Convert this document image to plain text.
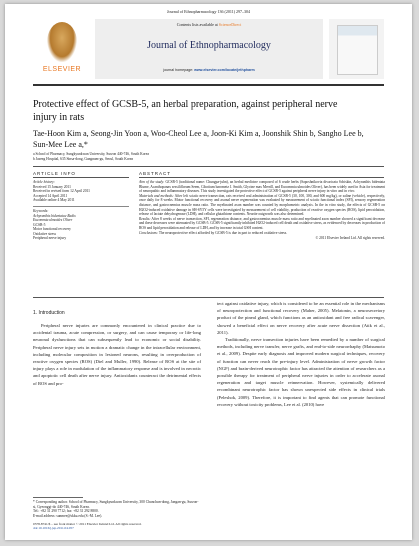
Journal of Ethnopharmacology 136 (2011) 297–304
ELSEVIER
Contents lists available at ScienceDirect
Journal of Ethnopharmacology
journal homepage: www.elsevier.com/locate/jethpharm
Protective effect of GCSB-5, an herbal preparation, against peripheral nerve injury in rats
Tae-Hoon Kim a, Seong-Jin Yoon a, Woo-Cheol Lee a, Joon-Ki Kim a, Joonshik Shin b, Sangho Lee b, Sun-Mee Lee a,*
a School of Pharmacy, Sungkyunkwan University, Suwon 440-746, South Korea
b Jaseng Hospital, 635 Sinsa-dong, Gangnam-gu, Seoul, South Korea
ARTICLE INFO	ABSTRACT
Article history:
Received 15 January 2011
Received in revised form 12 April 2011
Accepted 14 April 2011
Available online 4 May 2011
Keywords:
Achyranthis bidentatae Radix
Eucommia ulmoides Oliver
GCSB-5
Motor functional recovery
Oxidative stress
Peripheral nerve injury

Aim of the study: GCSB-5 (traditional name: Chungpa-juhn), an herbal medicine composed of 6 crude herbs (Saposhnikovia divaricata Schiskin, Achyranthis bidentata Blume, Acanthopanax sessiliflorum Seem, Cibotium barometz J. Smith, Glycine max Merrill, and Eucommia ulmoides Oliver), has been widely used in Asia for treatment of neuropathic and inflammatory diseases. This study investigated the protective effect of GCSB-5 against peripheral nerve injury in vitro and in vivo.

Materials and methods: After left sciatic nerve transection, rats received oral administration of GCSB-5 (30, 100, 300, and 600 mg/kg), or saline (vehicle), respectively, once daily for 8 weeks. Motor functional recovery and axonal nerve regeneration was evaluated by measurement of sciatic functional index (SFI), sensory regeneration distance, and gastrocnemius muscle mass ratio. The myelinated axon number was counted by morphometric analysis. In the in vitro study, the effects of GCSB-5 on H2O2-induced oxidative damage in SH-SY5Y cells were investigated by measurement of cell viability, production of reactive oxygen species (ROS), lipid peroxidation, release of lactate dehydrogenase (LDH), and cellular glutathione contents. Neurite outgrowth was also determined.

Results: After 8 weeks of nerve transection, SFI, regeneration distance, and gastrocnemius muscle mass ratio and myelinated axon number showed a significant decrease and these decreases were attenuated by GCSB-5. GCSB-5 significantly inhibited H2O2-induced cell death and oxidative stress, as evidenced by decreases in production of ROS and lipid peroxidation and release of LDH, and by increase in total GSH content.

Conclusions: The neuroprotective effect afforded by GCSB-5 is due in part to reduced oxidative stress.

© 2011 Elsevier Ireland Ltd. All rights reserved.

1. Introduction

Peripheral nerve injuries are commonly encountered in clinical practice due to accidental trauma, acute compression, or surgery, and can cause temporary or life-long neuronal dysfunctions that can subsequently lead to economic or social disability. Peripheral nerve injury sets in motion a dramatic change in the intracellular environment, including molecular composition in lesioned neurons, resulting in overproduction of reactive oxygen species (ROS) (Diel and Muller, 1990). Release of ROS at the site of injury plays a role in modulation of the inflammatory response and is involved in necrotic and apoptotic cell death after nerve injury. Antioxidants counteract the detrimental effects of ROS and pro-

tect against oxidative injury, which is considered to be an essential role in the mechanisms of neuroprotection and functional recovery (Maher, 2005). Melatonin, a neurosecretory product of the pineal gland, which functions as an antioxidant and free radical scavenger, showed a beneficial effect on nerve recovery after acute nerve dissection (Atik et al., 2011).

Traditionally, nerve transection injuries have been remedied by a number of surgical methods, including nerve transfer, nerve grafts, and end-to-side neurorrhaphy (Matsumoto et al., 2009). Despite early diagnosis and improved modern surgical techniques, recovery of function can never reach the pre-injury level. Administration of nerve growth factor (NGF) and brain-derived neurotrophic factor has attracted the attention of researchers as a possible therapy for treatment of peripheral nerve injuries in order to accelerate axonal regeneration and target muscle reinnervation. However, systemically delivered recombinant neurotrophic factor has shown unexpected side effects in clinical trials (Peleshok, 2009). Therefore, it is important to find agents that can promote functional recovery without toxicity problems, Lee et al. (2010) have

* Corresponding author. School of Pharmacy, Sungkyunkwan University, 300 Chunchun-dong, Jangan-gu, Suwon-si, Gyeonggi-do 440-746, South Korea.
Tel.: +82 31 290 7712; fax: +82 31 292 8800.
E-mail address: sunmee@skku.edu (S.-M. Lee).
0378-8741/$ – see front matter © 2011 Elsevier Ireland Ltd. All rights reserved.
doi:10.1016/j.jep.2011.04.057
